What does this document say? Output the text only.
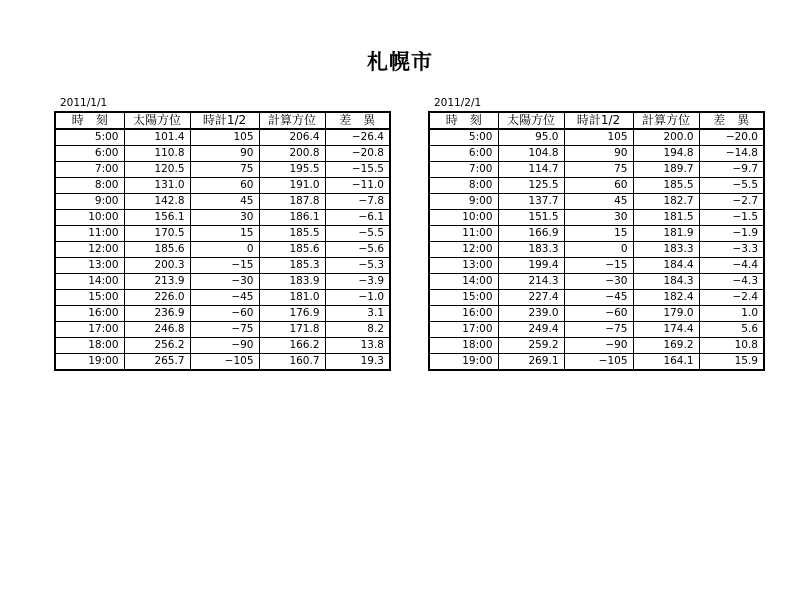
札幌市
2011/1/1
時　刻	太陽方位	時計1/2	計算方位	差　異
5:00	101.4	105	206.4	−26.4
6:00	110.8	90	200.8	−20.8
7:00	120.5	75	195.5	−15.5
8:00	131.0	60	191.0	−11.0
9:00	142.8	45	187.8	−7.8
10:00	156.1	30	186.1	−6.1
11:00	170.5	15	185.5	−5.5
12:00	185.6	0	185.6	−5.6
13:00	200.3	−15	185.3	−5.3
14:00	213.9	−30	183.9	−3.9
15:00	226.0	−45	181.0	−1.0
16:00	236.9	−60	176.9	3.1
17:00	246.8	−75	171.8	8.2
18:00	256.2	−90	166.2	13.8
19:00	265.7	−105	160.7	19.3
2011/2/1
時　刻	太陽方位	時計1/2	計算方位	差　異
5:00	95.0	105	200.0	−20.0
6:00	104.8	90	194.8	−14.8
7:00	114.7	75	189.7	−9.7
8:00	125.5	60	185.5	−5.5
9:00	137.7	45	182.7	−2.7
10:00	151.5	30	181.5	−1.5
11:00	166.9	15	181.9	−1.9
12:00	183.3	0	183.3	−3.3
13:00	199.4	−15	184.4	−4.4
14:00	214.3	−30	184.3	−4.3
15:00	227.4	−45	182.4	−2.4
16:00	239.0	−60	179.0	1.0
17:00	249.4	−75	174.4	5.6
18:00	259.2	−90	169.2	10.8
19:00	269.1	−105	164.1	15.9
